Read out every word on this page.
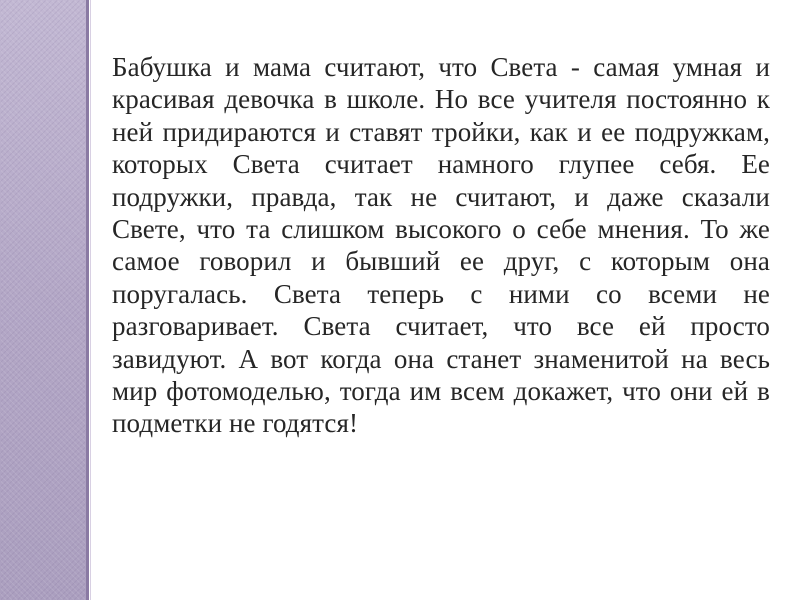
Бабушка и мама считают, что Света - самая умная и красивая девочка в школе. Но все учителя постоянно к ней придираются и ставят тройки, как и ее подружкам, которых Света считает намного глупее себя. Ее подружки, правда, так не считают, и даже сказали Свете, что та слишком высокого о себе мнения. То же самое говорил и бывший ее друг, с которым она поругалась. Света теперь с ними со всеми не разговаривает. Света считает, что все ей просто завидуют. А вот когда она станет знаменитой на весь мир фотомоделью, тогда им всем докажет, что они ей в подметки не годятся!
